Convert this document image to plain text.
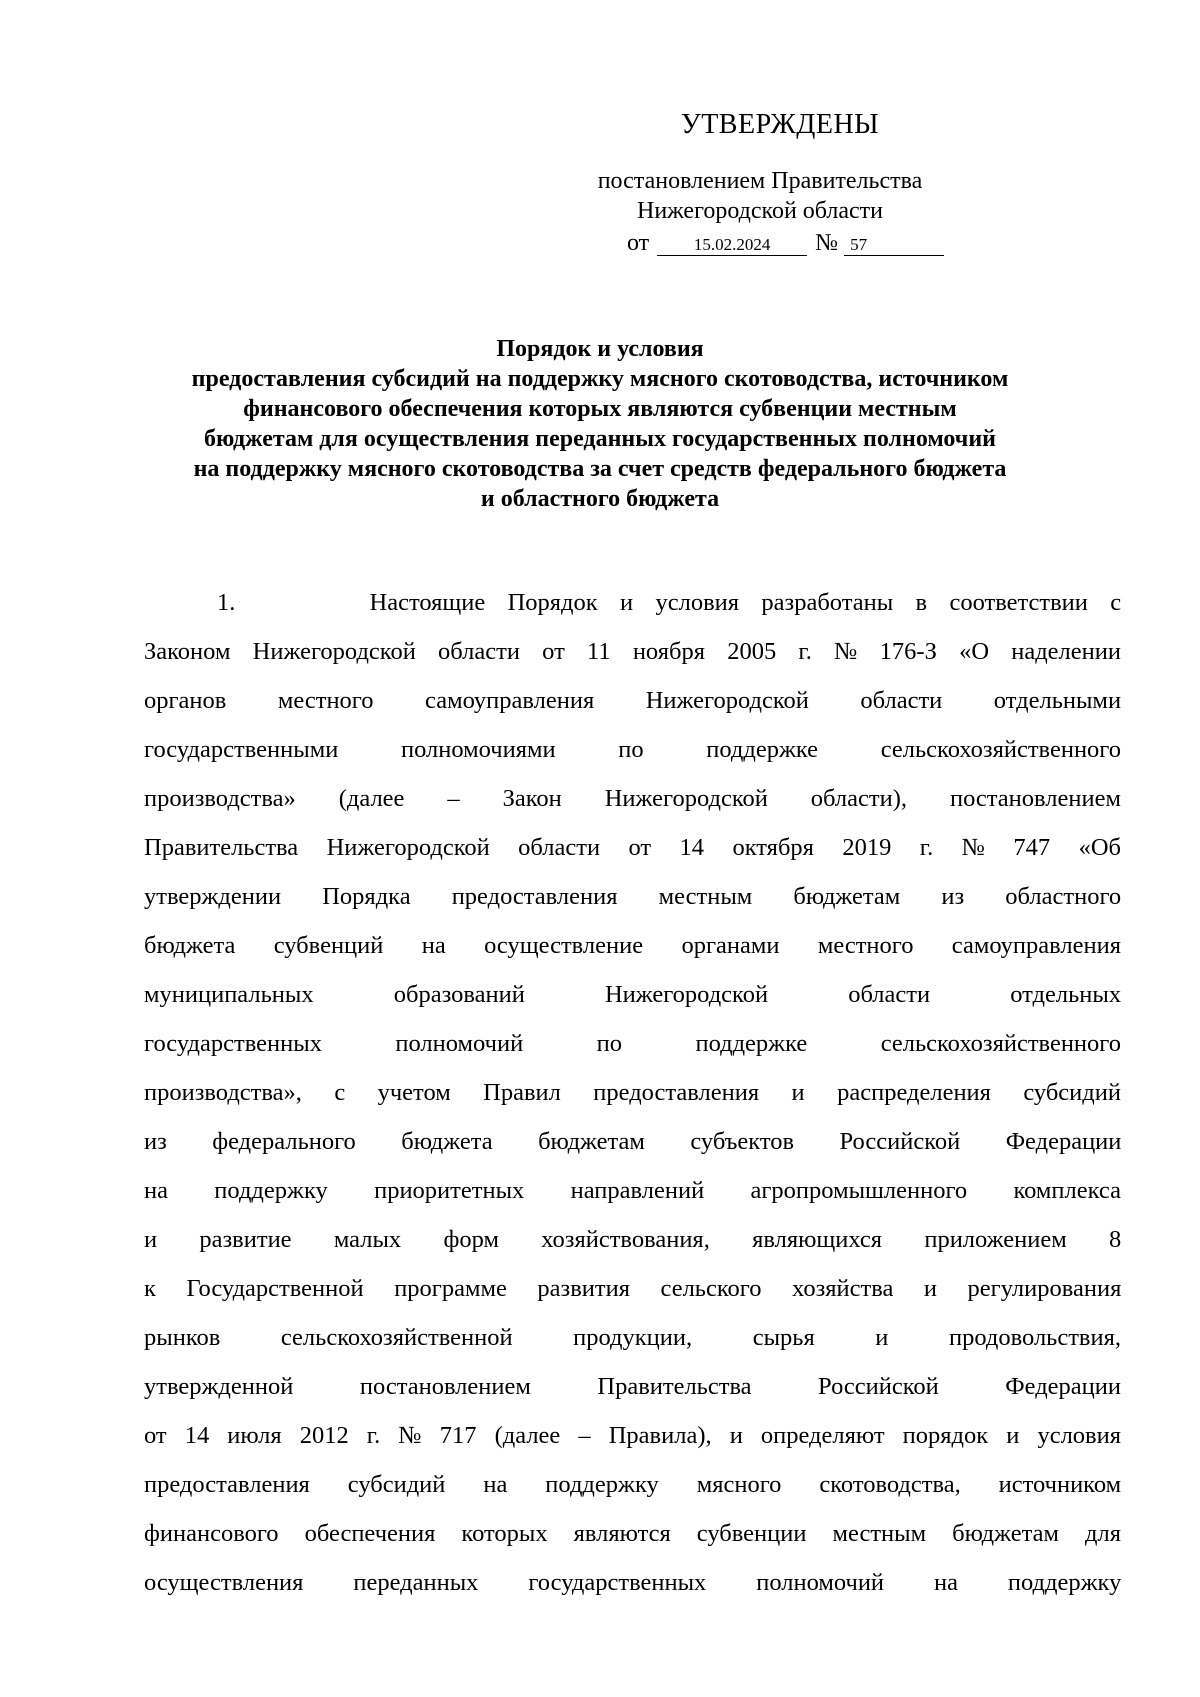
УТВЕРЖДЕНЫ
постановлением Правительства
Нижегородской области
от	15.02.2024 № 57
Порядок и условия
предоставления субсидий на поддержку мясного скотоводства, источником
финансового обеспечения которых являются субвенции местным
бюджетам для осуществления переданных государственных полномочий
на поддержку мясного скотоводства за счет средств федерального бюджета
и областного бюджета
1.      Настоящие Порядок и условия разработаны в соответствии с
Законом Нижегородской области от 11 ноября 2005 г. № 176-З «О наделении
органов местного самоуправления Нижегородской области отдельными
государственными полномочиями по поддержке сельскохозяйственного
производства» (далее – Закон Нижегородской области), постановлением
Правительства Нижегородской области от 14 октября 2019 г. № 747 «Об
утверждении Порядка предоставления местным бюджетам из областного
бюджета субвенций на осуществление органами местного самоуправления
муниципальных образований Нижегородской области отдельных
государственных полномочий по поддержке сельскохозяйственного
производства», с учетом Правил предоставления и распределения субсидий
из федерального бюджета бюджетам субъектов Российской Федерации
на поддержку приоритетных направлений агропромышленного комплекса
и развитие малых форм хозяйствования, являющихся приложением 8
к Государственной программе развития сельского хозяйства и регулирования
рынков сельскохозяйственной продукции, сырья и продовольствия,
утвержденной постановлением Правительства Российской Федерации
от 14 июля 2012 г. № 717 (далее – Правила), и определяют порядок и условия
предоставления субсидий на поддержку мясного скотоводства, источником
финансового обеспечения которых являются субвенции местным бюджетам для
осуществления переданных государственных полномочий на поддержку
